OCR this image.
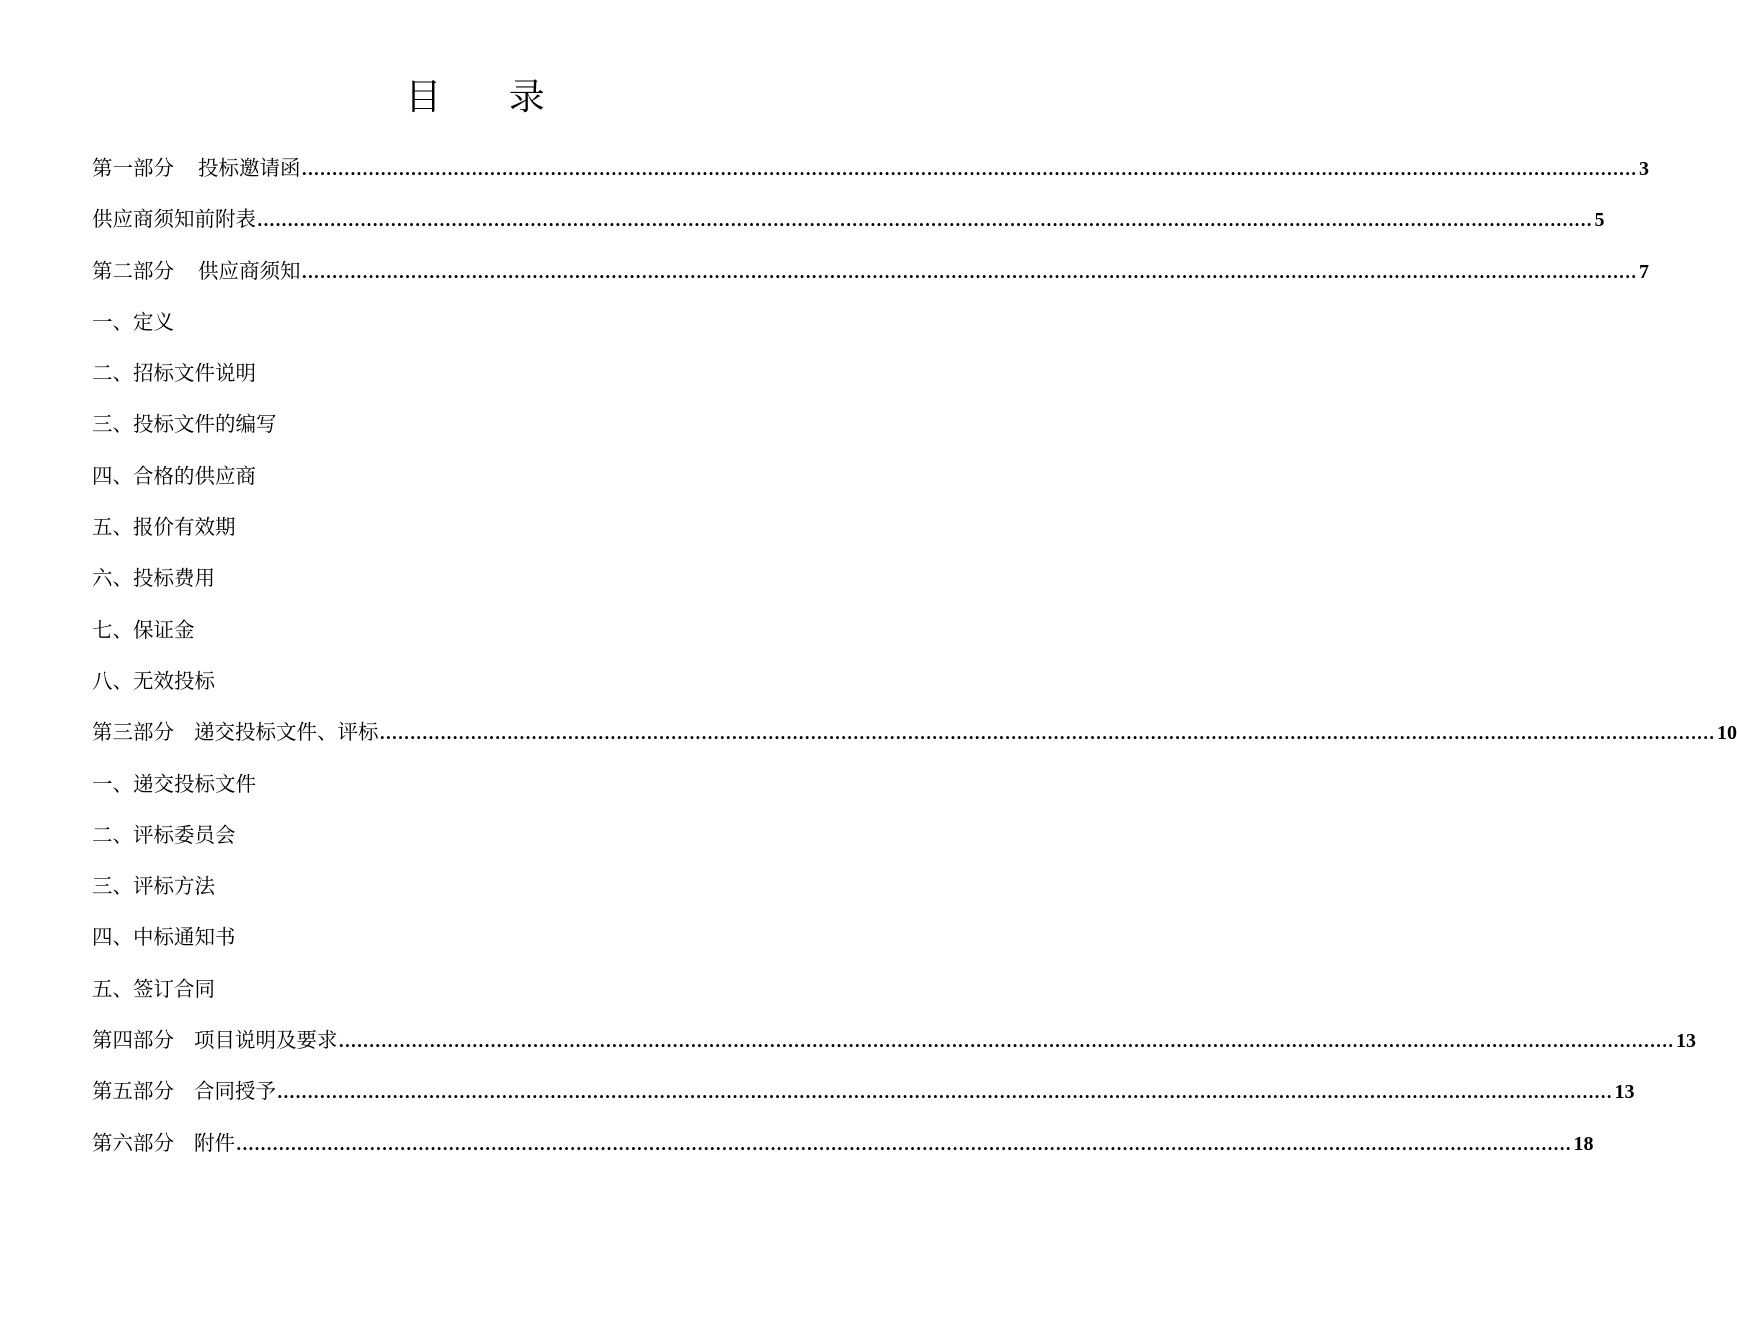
目 录
第一部分 投标邀请函 ............................................................................................................................................................................................................................ 3
供应商须知前附表 ............................................................................................................................................................................................................................ 5
第二部分 供应商须知 ............................................................................................................................................................................................................................ 7
一、定义
二、招标文件说明
三、投标文件的编写
四、合格的供应商
五、报价有效期
六、投标费用
七、保证金
八、无效投标
第三部分 递交投标文件、评标 ............................................................................................................................................................................................................................ 10
一、递交投标文件
二、评标委员会
三、评标方法
四、中标通知书
五、签订合同
第四部分 项目说明及要求 ............................................................................................................................................................................................................................ 13
第五部分 合同授予 ............................................................................................................................................................................................................................ 13
第六部分 附件 ............................................................................................................................................................................................................................ 18
